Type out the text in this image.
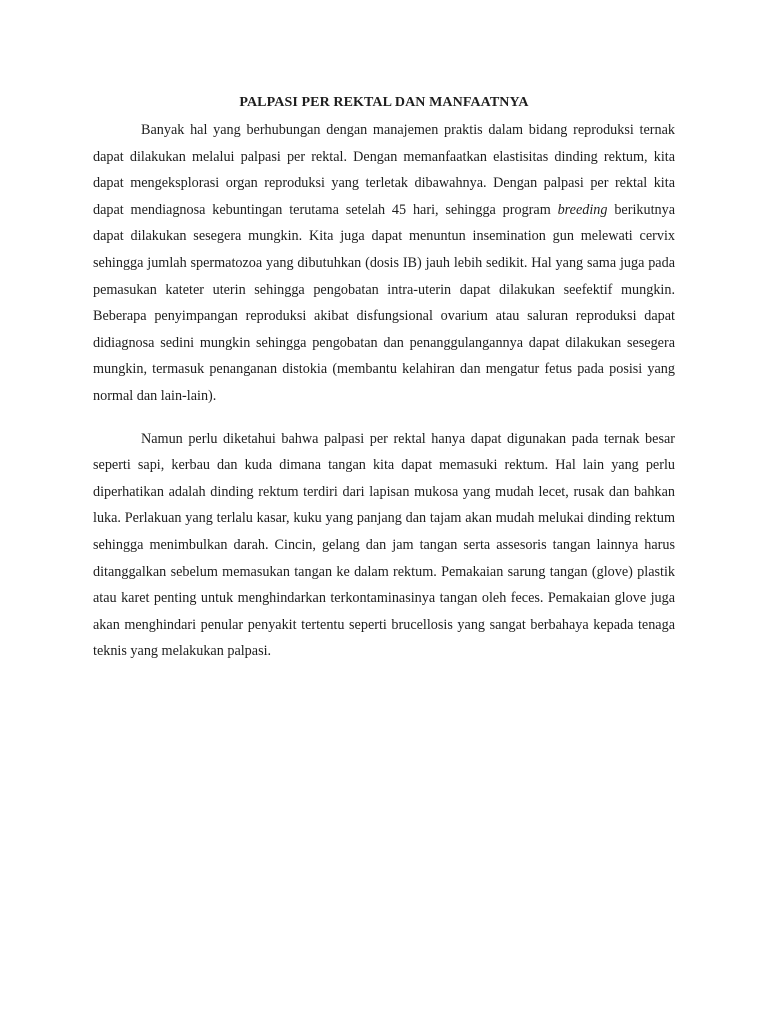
PALPASI PER REKTAL DAN MANFAATNYA

Banyak hal yang berhubungan dengan manajemen praktis dalam bidang reproduksi ternak dapat dilakukan melalui palpasi per rektal. Dengan memanfaatkan elastisitas dinding rektum, kita dapat mengeksplorasi organ reproduksi yang terletak dibawahnya. Dengan palpasi per rektal kita dapat mendiagnosa kebuntingan terutama setelah 45 hari, sehingga program breeding berikutnya dapat dilakukan sesegera mungkin. Kita juga dapat menuntun insemination gun melewati cervix sehingga jumlah spermatozoa yang dibutuhkan (dosis IB) jauh lebih sedikit. Hal yang sama juga pada pemasukan kateter uterin sehingga pengobatan intra-uterin dapat dilakukan seefektif mungkin. Beberapa penyimpangan reproduksi akibat disfungsional ovarium atau saluran reproduksi dapat didiagnosa sedini mungkin sehingga pengobatan dan penanggulangannya dapat dilakukan sesegera mungkin, termasuk penanganan distokia (membantu kelahiran dan mengatur fetus pada posisi yang normal dan lain-lain).

Namun perlu diketahui bahwa palpasi per rektal hanya dapat digunakan pada ternak besar seperti sapi, kerbau dan kuda dimana tangan kita dapat memasuki rektum. Hal lain yang perlu diperhatikan adalah dinding rektum terdiri dari lapisan mukosa yang mudah lecet, rusak dan bahkan luka. Perlakuan yang terlalu kasar, kuku yang panjang dan tajam akan mudah melukai dinding rektum sehingga menimbulkan darah. Cincin, gelang dan jam tangan serta assesoris tangan lainnya harus ditanggalkan sebelum memasukan tangan ke dalam rektum. Pemakaian sarung tangan (glove) plastik atau karet penting untuk menghindarkan terkontaminasinya tangan oleh feces. Pemakaian glove juga akan menghindari penular penyakit tertentu seperti brucellosis yang sangat berbahaya kepada tenaga teknis yang melakukan palpasi.
